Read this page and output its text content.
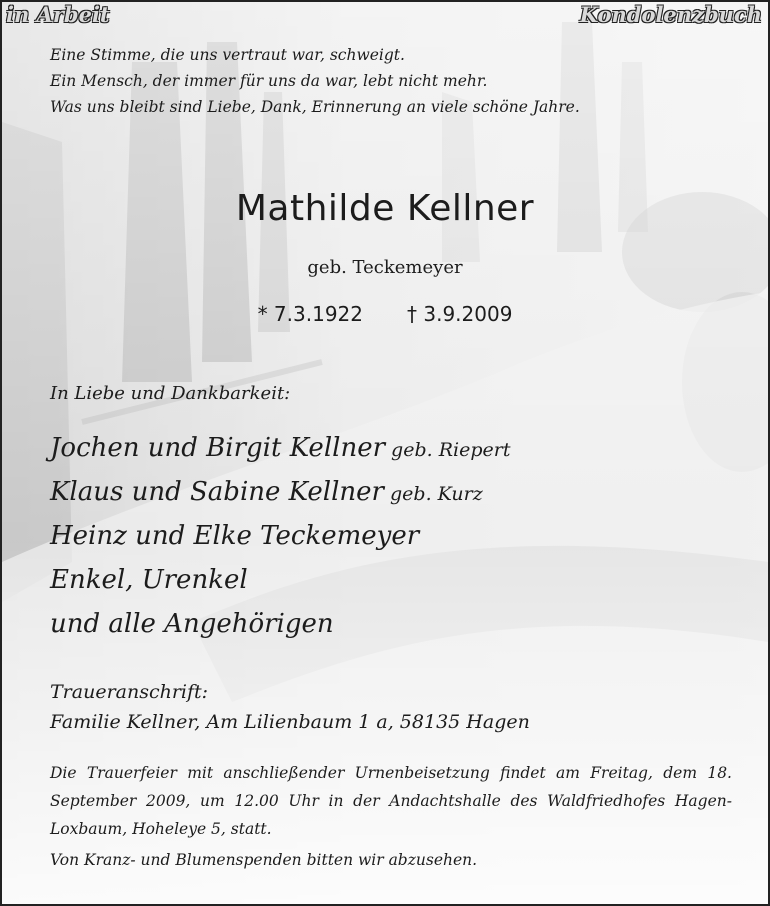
in Arbeit	Kondolenzbuch
Eine Stimme, die uns vertraut war, schweigt.
Ein Mensch, der immer für uns da war, lebt nicht mehr.
Was uns bleibt sind Liebe, Dank, Erinnerung an viele schöne Jahre.
Mathilde Kellner
geb. Teckemeyer
* 7.3.1922 † 3.9.2009
In Liebe und Dankbarkeit:
Jochen und Birgit Kellner geb. Riepert
Klaus und Sabine Kellner geb. Kurz
Heinz und Elke Teckemeyer
Enkel, Urenkel
und alle Angehörigen
Traueranschrift:
Familie Kellner, Am Lilienbaum 1 a, 58135 Hagen
Die Trauerfeier mit anschließender Urnenbeisetzung findet am Freitag, dem 18. September 2009, um 12.00 Uhr in der Andachtshalle des Waldfriedhofes Hagen-Loxbaum, Hoheleye 5, statt.
Von Kranz- und Blumenspenden bitten wir abzusehen.
